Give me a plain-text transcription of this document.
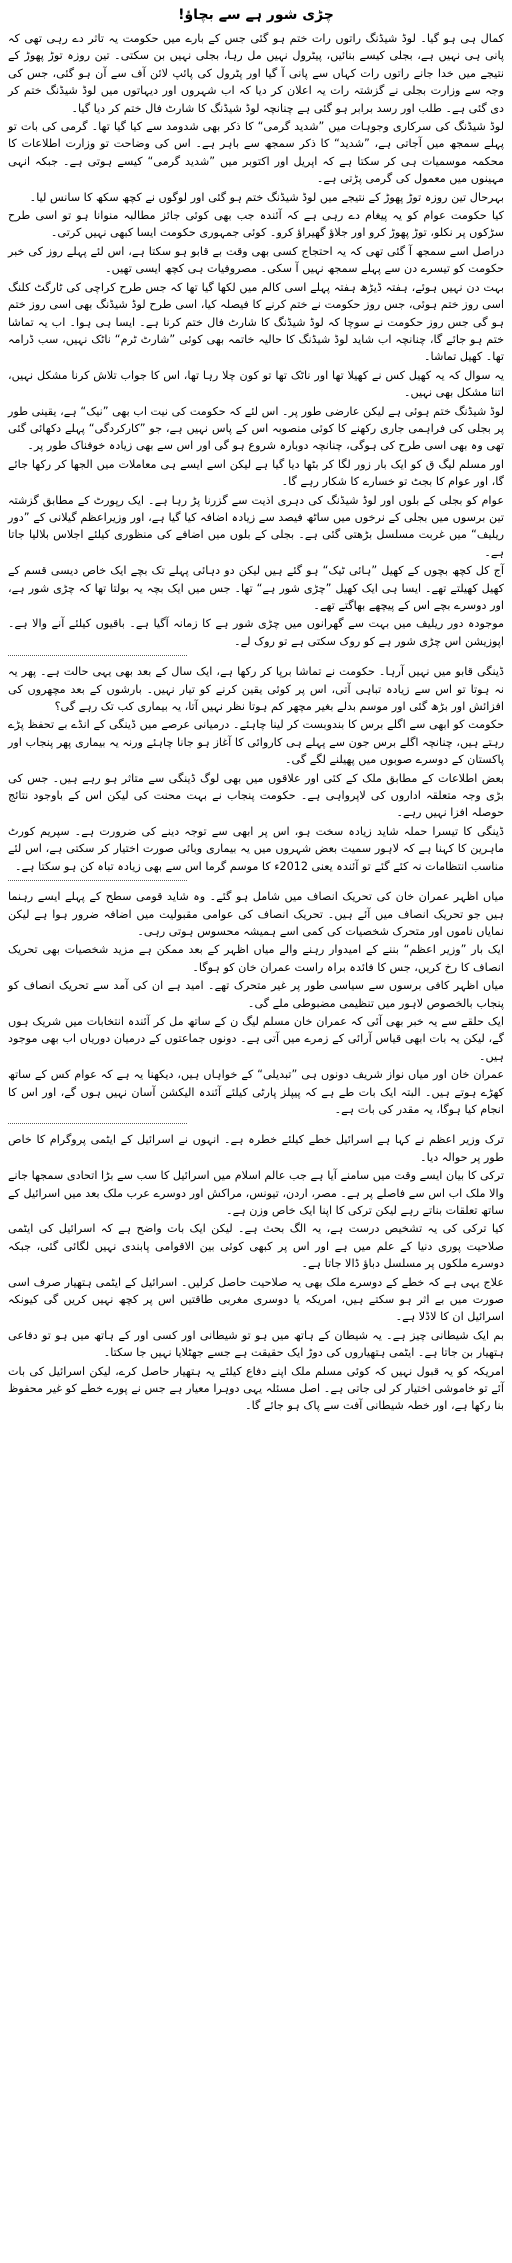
چڑی شور ہے سے بچاؤ!

کمال ہی ہو گیا۔ لوڈ شیڈنگ راتوں رات ختم ہو گئی جس کے بارے میں حکومت یہ تاثر دے رہی تھی کہ پانی ہی نہیں ہے، بجلی کیسے بنائیں، پیٹرول نہیں مل رہا، بجلی نہیں بن سکتی۔ تین روزہ توڑ پھوڑ کے نتیجے میں خدا جانے راتوں رات کہاں سے پانی آ گیا اور پٹرول کی پائپ لائن آف سے آن ہو گئی، جس کی وجہ سے وزارت بجلی نے گزشتہ رات یہ اعلان کر دیا کہ اب شہروں اور دیہاتوں میں لوڈ شیڈنگ ختم کر دی گئی ہے۔ طلب اور رسد برابر ہو گئی ہے چنانچہ لوڈ شیڈنگ کا شارٹ فال ختم کر دیا گیا۔

لوڈ شیڈنگ کی سرکاری وجوہات میں ”شدید گرمی“ کا ذکر بھی شدومد سے کیا گیا تھا۔ گرمی کی بات تو پہلے سمجھ میں آجاتی ہے، ”شدید“ کا ذکر سمجھ سے باہر ہے۔ اس کی وضاحت تو وزارت اطلاعات کا محکمہ موسمیات ہی کر سکتا ہے کہ اپریل اور اکتوبر میں ”شدید گرمی“ کیسے ہوتی ہے۔ جبکہ انہی مہینوں میں معمول کی گرمی پڑتی ہے۔

بہرحال تین روزہ توڑ پھوڑ کے نتیجے میں لوڈ شیڈنگ ختم ہو گئی اور لوگوں نے کچھ سکھ کا سانس لیا۔

کیا حکومت عوام کو یہ پیغام دے رہی ہے کہ آئندہ جب بھی کوئی جائز مطالبہ منوانا ہو تو اسی طرح سڑکوں پر نکلو، توڑ پھوڑ کرو اور جلاؤ گھیراؤ کرو۔ کوئی جمہوری حکومت ایسا کبھی نہیں کرتی۔

دراصل اسے سمجھ آ گئی تھی کہ یہ احتجاج کسی بھی وقت بے قابو ہو سکتا ہے، اس لئے پہلے روز کی خبر حکومت کو تیسرے دن سے پہلے سمجھ نہیں آ سکی۔ مصروفیات ہی کچھ ایسی تھیں۔

بہت دن نہیں ہوئے، ہفتہ ڈیڑھ ہفتہ پہلے اسی کالم میں لکھا گیا تھا کہ جس طرح کراچی کی ٹارگٹ کلنگ اسی روز ختم ہوئی، جس روز حکومت نے ختم کرنے کا فیصلہ کیا، اسی طرح لوڈ شیڈنگ بھی اسی روز ختم ہو گی جس روز حکومت نے سوچا کہ لوڈ شیڈنگ کا شارٹ فال ختم کرنا ہے۔ ایسا ہی ہوا۔ اب یہ تماشا ختم ہو جائے گا، چنانچہ اب شاید لوڈ شیڈنگ کا حالیہ خاتمہ بھی کوئی ”شارٹ ٹرم“ ناٹک نہیں، سب ڈرامہ تھا۔ کھیل تماشا۔

یہ سوال کہ یہ کھیل کس نے کھیلا تھا اور ناٹک تھا تو کون چلا رہا تھا، اس کا جواب تلاش کرنا مشکل نہیں، اتنا مشکل بھی نہیں۔

لوڈ شیڈنگ ختم ہوئی ہے لیکن عارضی طور پر۔ اس لئے کہ حکومت کی نیت اب بھی ”نیک“ ہے، یقینی طور پر بجلی کی فراہمی جاری رکھنے کا کوئی منصوبہ اس کے پاس نہیں ہے، جو ”کارکردگی“ پہلے دکھائی گئی تھی وہ بھی اسی طرح کی ہوگی، چنانچہ دوبارہ شروع ہو گی اور اس سے بھی زیادہ خوفناک طور پر۔

اور مسلم لیگ ق کو ایک بار زور لگا کر بٹھا دیا گیا ہے لیکن اسے ایسے ہی معاملات میں الجھا کر رکھا جائے گا، اور عوام کا بجٹ تو خسارے کا شکار رہے گا۔

عوام کو بجلی کے بلوں اور لوڈ شیڈنگ کی دہری اذیت سے گزرنا پڑ رہا ہے۔ ایک رپورٹ کے مطابق گزشتہ تین برسوں میں بجلی کے نرخوں میں ساٹھ فیصد سے زیادہ اضافہ کیا گیا ہے، اور وزیراعظم گیلانی کے ”دور ریلیف“ میں غربت مسلسل بڑھتی گئی ہے۔ بجلی کے بلوں میں اضافے کی منظوری کیلئے اجلاس بلالیا جاتا ہے۔

آج کل کچھ بچوں کے کھیل ”ہائی ٹیک“ ہو گئے ہیں لیکن دو دہائی پہلے تک بچے ایک خاص دیسی قسم کے کھیل کھیلتے تھے۔ ایسا ہی ایک کھیل ”چڑی شور ہے“ تھا۔ جس میں ایک بچہ یہ بولتا تھا کہ چڑی شور ہے، اور دوسرے بچے اس کے پیچھے بھاگتے تھے۔

موجودہ دور ریلیف میں بہت سے گھرانوں میں چڑی شور ہے کا زمانہ آگیا ہے۔ باقیوں کیلئے آنے والا ہے۔ اپوزیشن اس چڑی شور ہے کو روک سکتی ہے تو روک لے۔

ڈینگی قابو میں نہیں آرہا۔ حکومت نے تماشا برپا کر رکھا ہے، ایک سال کے بعد بھی یہی حالت ہے۔ پھر یہ نہ ہوتا تو اس سے زیادہ تباہی آتی، اس پر کوئی یقین کرنے کو تیار نہیں۔ بارشوں کے بعد مچھروں کی افزائش اور بڑھ گئی اور موسم بدلے بغیر مچھر کم ہوتا نظر نہیں آتا، یہ بیماری کب تک رہے گی؟

حکومت کو ابھی سے اگلے برس کا بندوبست کر لینا چاہئے۔ درمیانی عرصے میں ڈینگی کے انڈے بے تحفظ پڑے رہتے ہیں، چنانچہ اگلے برس جون سے پہلے ہی کاروائی کا آغاز ہو جانا چاہئے ورنہ یہ بیماری پھر پنجاب اور پاکستان کے دوسرے صوبوں میں پھیلنے لگے گی۔

بعض اطلاعات کے مطابق ملک کے کئی اور علاقوں میں بھی لوگ ڈینگی سے متاثر ہو رہے ہیں۔ جس کی بڑی وجہ متعلقہ اداروں کی لاپرواہی ہے۔ حکومت پنجاب نے بہت محنت کی لیکن اس کے باوجود نتائج حوصلہ افزا نہیں رہے۔

ڈینگی کا تیسرا حملہ شاید زیادہ سخت ہو، اس پر ابھی سے توجہ دینے کی ضرورت ہے۔ سپریم کورٹ ماہرین کا کہنا ہے کہ لاہور سمیت بعض شہروں میں یہ بیماری وبائی صورت اختیار کر سکتی ہے، اس لئے مناسب انتظامات نہ کئے گئے تو آئندہ یعنی 2012ء کا موسم گرما اس سے بھی زیادہ تباہ کن ہو سکتا ہے۔

میاں اظہر عمران خان کی تحریک انصاف میں شامل ہو گئے۔ وہ شاید قومی سطح کے پہلے ایسے رہنما ہیں جو تحریک انصاف میں آئے ہیں۔ تحریک انصاف کی عوامی مقبولیت میں اضافہ ضرور ہوا ہے لیکن نمایاں ناموں اور متحرک شخصیات کی کمی اسے ہمیشہ محسوس ہوتی رہی۔

ایک بار ”وزیر اعظم“ بننے کے امیدوار رہنے والے میاں اظہر کے بعد ممکن ہے مزید شخصیات بھی تحریک انصاف کا رخ کریں، جس کا فائدہ براہ راست عمران خان کو ہوگا۔

میاں اظہر کافی برسوں سے سیاسی طور پر غیر متحرک تھے۔ امید ہے ان کی آمد سے تحریک انصاف کو پنجاب بالخصوص لاہور میں تنظیمی مضبوطی ملے گی۔

ایک حلقے سے یہ خبر بھی آئی کہ عمران خان مسلم لیگ ن کے ساتھ مل کر آئندہ انتخابات میں شریک ہوں گے، لیکن یہ بات ابھی قیاس آرائی کے زمرے میں آتی ہے۔ دونوں جماعتوں کے درمیان دوریاں اب بھی موجود ہیں۔

عمران خان اور میاں نواز شریف دونوں ہی ”تبدیلی“ کے خواہاں ہیں، دیکھنا یہ ہے کہ عوام کس کے ساتھ کھڑے ہوتے ہیں۔ البتہ ایک بات طے ہے کہ پیپلز پارٹی کیلئے آئندہ الیکشن آسان نہیں ہوں گے، اور اس کا انجام کیا ہوگا، یہ مقدر کی بات ہے۔

ترک وزیر اعظم نے کہا ہے اسرائیل خطے کیلئے خطرہ ہے۔ انہوں نے اسرائیل کے ایٹمی پروگرام کا خاص طور پر حوالہ دیا۔

ترکی کا بیان ایسے وقت میں سامنے آیا ہے جب عالم اسلام میں اسرائیل کا سب سے بڑا اتحادی سمجھا جانے والا ملک اب اس سے فاصلے پر ہے۔ مصر، اردن، تیونس، مراکش اور دوسرے عرب ملک بعد میں اسرائیل کے ساتھ تعلقات بناتے رہے لیکن ترکی کا اپنا ایک خاص وزن ہے۔

کیا ترکی کی یہ تشخیص درست ہے، یہ الگ بحث ہے۔ لیکن ایک بات واضح ہے کہ اسرائیل کی ایٹمی صلاحیت پوری دنیا کے علم میں ہے اور اس پر کبھی کوئی بین الاقوامی پابندی نہیں لگائی گئی، جبکہ دوسرے ملکوں پر مسلسل دباؤ ڈالا جاتا ہے۔

علاج یہی ہے کہ خطے کے دوسرے ملک بھی یہ صلاحیت حاصل کرلیں۔ اسرائیل کے ایٹمی ہتھیار صرف اسی صورت میں بے اثر ہو سکتے ہیں، امریکہ یا دوسری مغربی طاقتیں اس پر کچھ نہیں کریں گی کیونکہ اسرائیل ان کا لاڈلا ہے۔

بم ایک شیطانی چیز ہے۔ یہ شیطان کے ہاتھ میں ہو تو شیطانی اور کسی اور کے ہاتھ میں ہو تو دفاعی ہتھیار بن جاتا ہے۔ ایٹمی ہتھیاروں کی دوڑ ایک حقیقت ہے جسے جھٹلایا نہیں جا سکتا۔

امریکہ کو یہ قبول نہیں کہ کوئی مسلم ملک اپنے دفاع کیلئے یہ ہتھیار حاصل کرے، لیکن اسرائیل کی بات آئے تو خاموشی اختیار کر لی جاتی ہے۔ اصل مسئلہ یہی دوہرا معیار ہے جس نے پورے خطے کو غیر محفوظ بنا رکھا ہے، اور خطہ شیطانی آفت سے پاک ہو جائے گا۔
